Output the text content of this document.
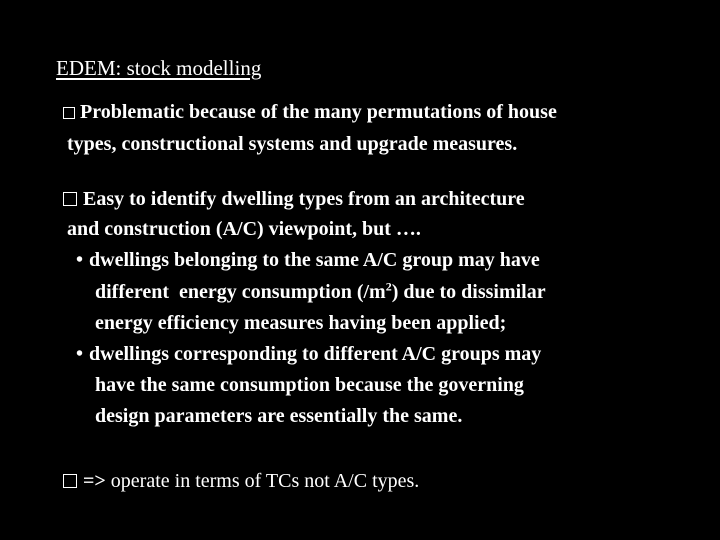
EDEM: stock modelling
Problematic because of the many permutations of house
types, constructional systems and upgrade measures.
Easy to identify dwelling types from an architecture
and construction (A/C) viewpoint, but ….
• dwellings belonging to the same A/C group may have
different  energy consumption $(/m^2)$ due to dissimilar
energy efficiency measures having been applied;
• dwellings corresponding to different A/C groups may
have the same consumption because the governing
design parameters are essentially the same.
=> operate in terms of TCs not A/C types.
